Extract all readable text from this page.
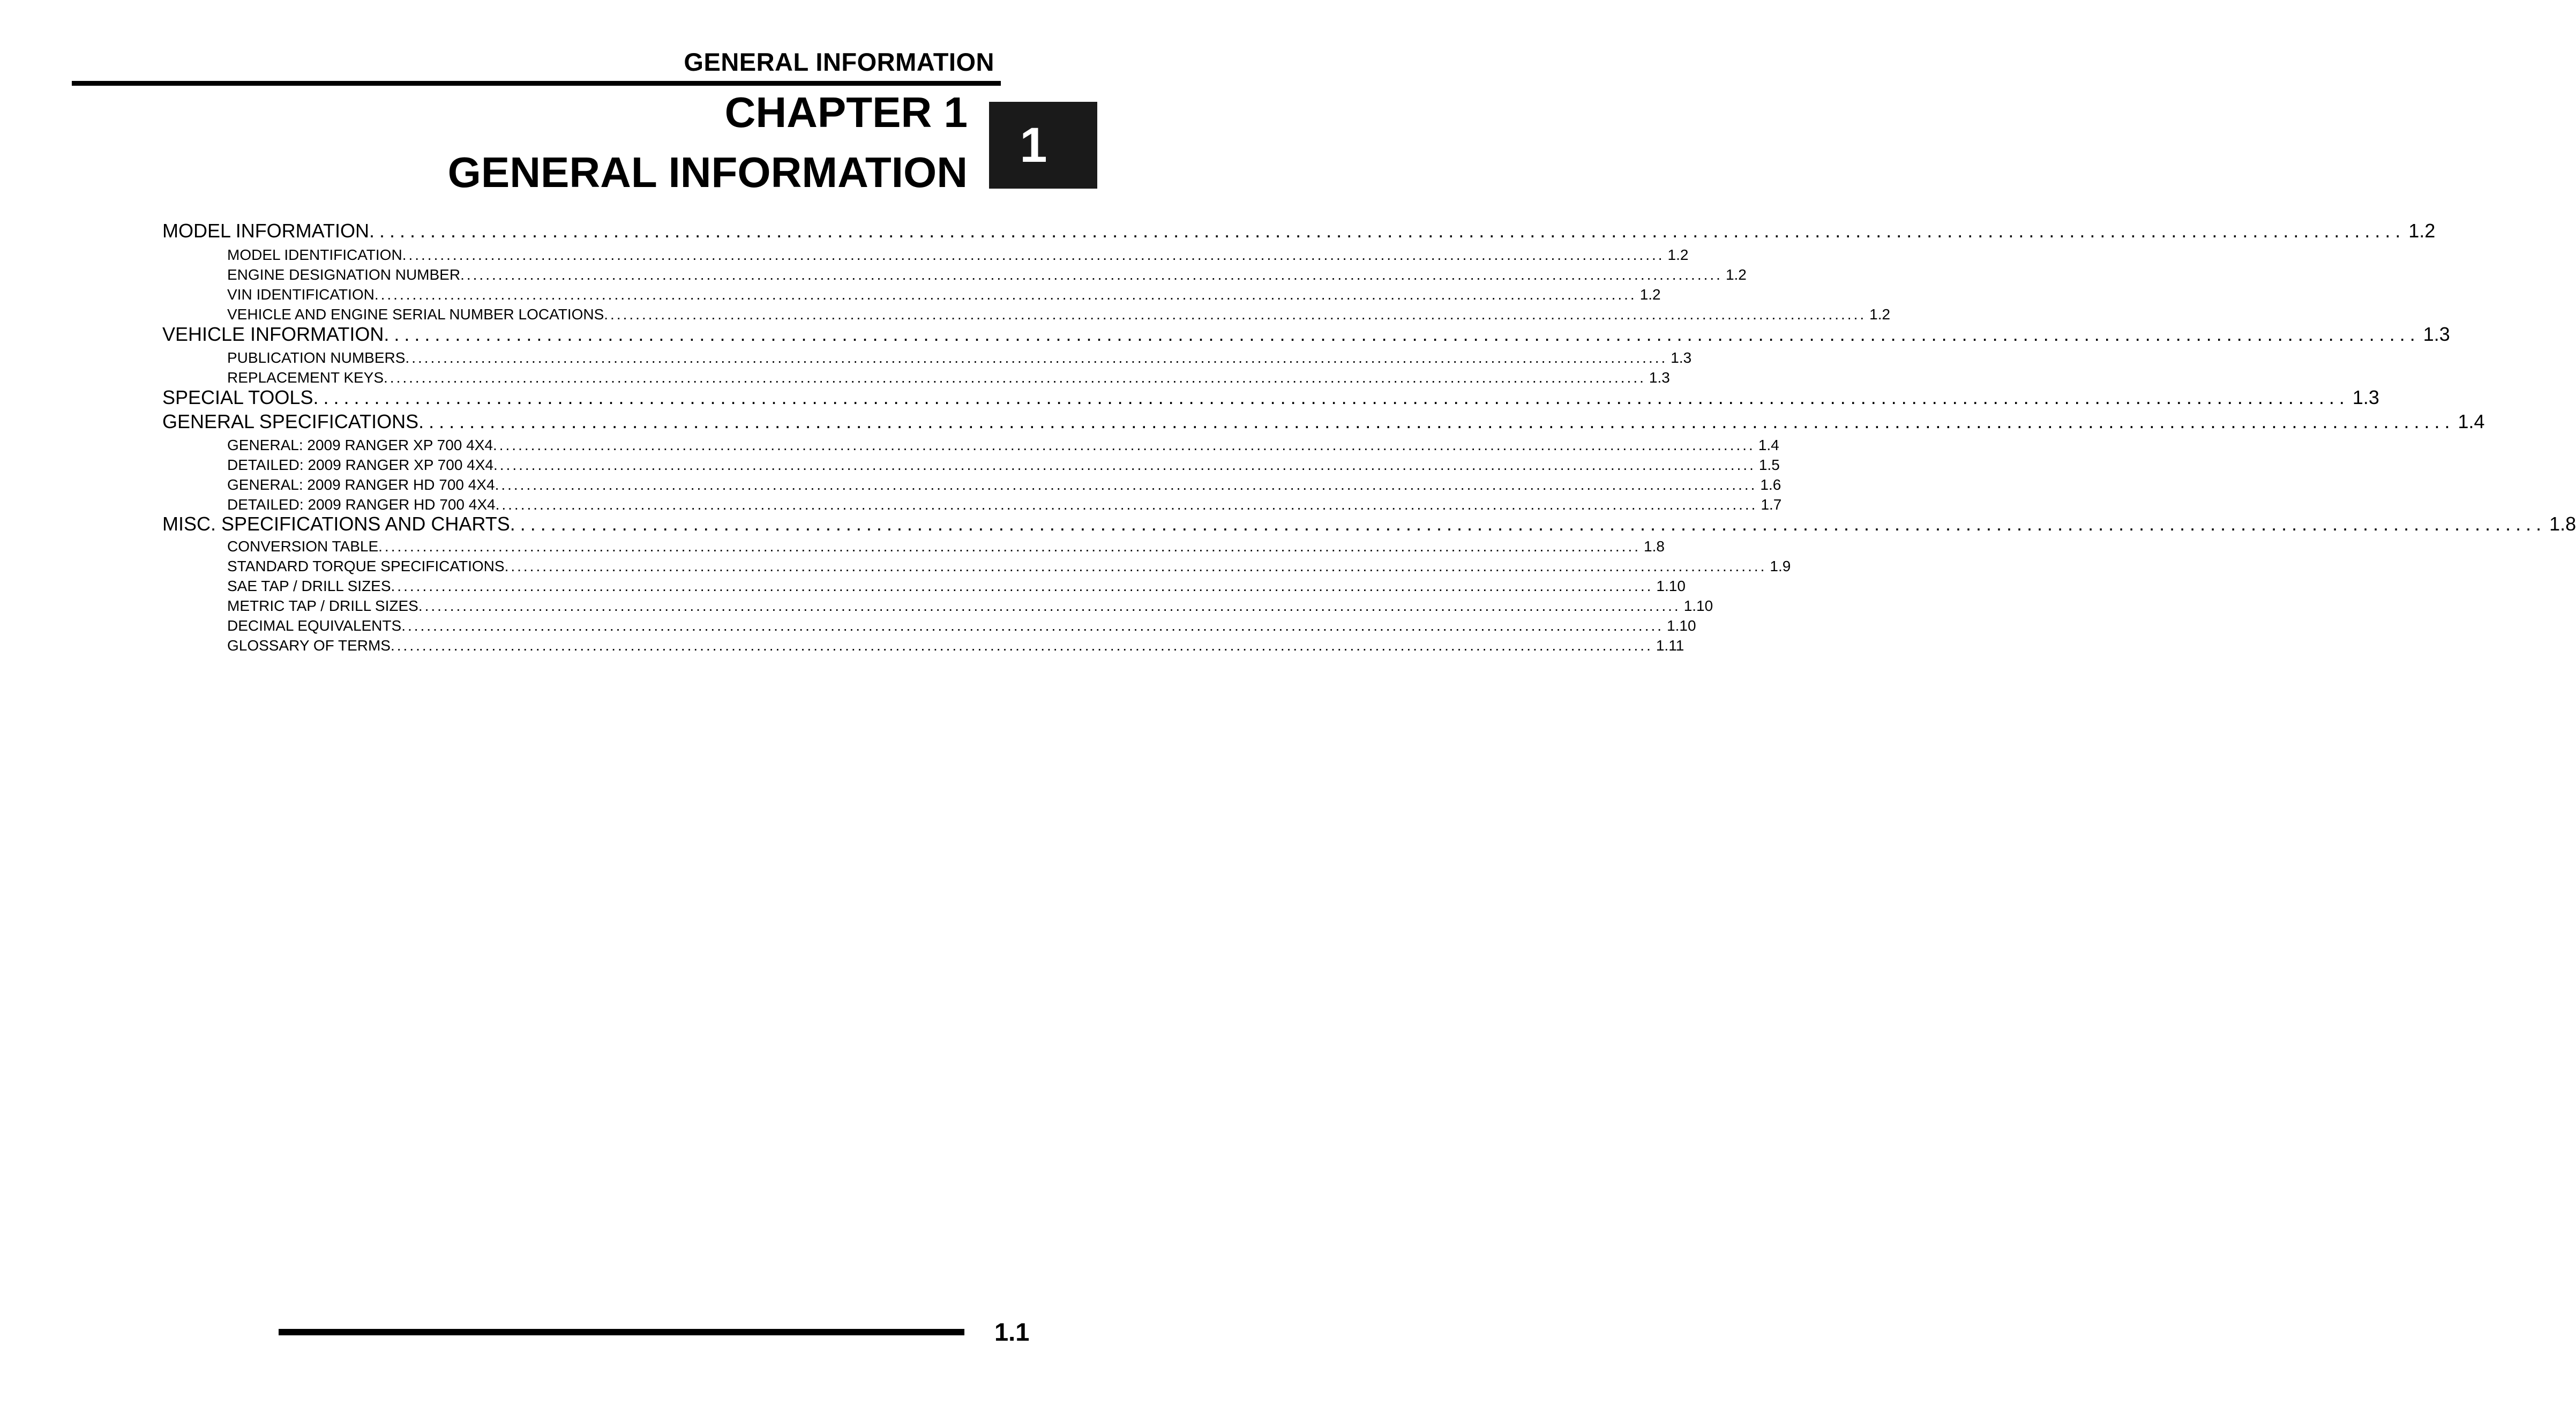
GENERAL INFORMATION
CHAPTER 1
GENERAL INFORMATION	1
MODEL INFORMATION ........................................................................................................................................................................................................ 1.2
MODEL IDENTIFICATION ........................................................................................................................................................................................................ 1.2
ENGINE DESIGNATION NUMBER ........................................................................................................................................................................................................ 1.2
VIN IDENTIFICATION ........................................................................................................................................................................................................ 1.2
VEHICLE AND ENGINE SERIAL NUMBER LOCATIONS ........................................................................................................................................................................................................ 1.2
VEHICLE INFORMATION ........................................................................................................................................................................................................ 1.3
PUBLICATION NUMBERS ........................................................................................................................................................................................................ 1.3
REPLACEMENT KEYS ........................................................................................................................................................................................................ 1.3
SPECIAL TOOLS ........................................................................................................................................................................................................ 1.3
GENERAL SPECIFICATIONS ........................................................................................................................................................................................................ 1.4
GENERAL: 2009 RANGER XP 700 4X4 ........................................................................................................................................................................................................ 1.4
DETAILED: 2009 RANGER XP 700 4X4 ........................................................................................................................................................................................................ 1.5
GENERAL: 2009 RANGER HD 700 4X4 ........................................................................................................................................................................................................ 1.6
DETAILED: 2009 RANGER HD 700 4X4 ........................................................................................................................................................................................................ 1.7
MISC. SPECIFICATIONS AND CHARTS ........................................................................................................................................................................................................ 1.8
CONVERSION TABLE ........................................................................................................................................................................................................ 1.8
STANDARD TORQUE SPECIFICATIONS ........................................................................................................................................................................................................ 1.9
SAE TAP / DRILL SIZES ........................................................................................................................................................................................................ 1.10
METRIC TAP / DRILL SIZES ........................................................................................................................................................................................................ 1.10
DECIMAL EQUIVALENTS ........................................................................................................................................................................................................ 1.10
GLOSSARY OF TERMS ........................................................................................................................................................................................................ 1.11
1.1
